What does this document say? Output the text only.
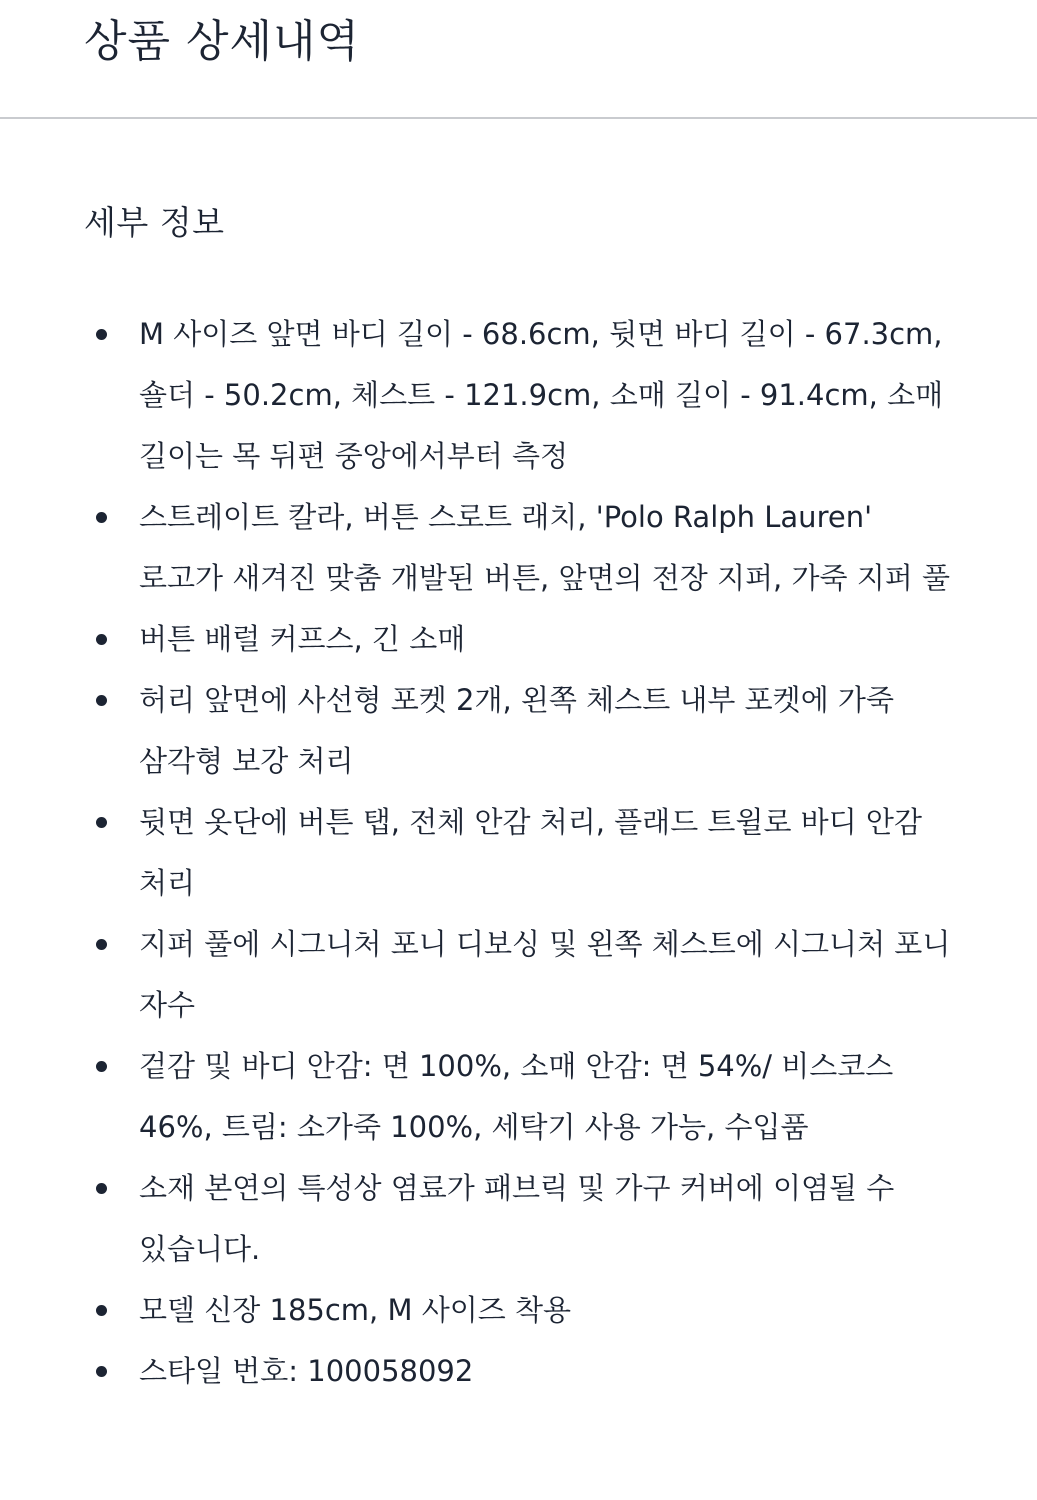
상품 상세내역
세부 정보
M 사이즈 앞면 바디 길이 - 68.6cm, 뒷면 바디 길이 - 67.3cm, 숄더 - 50.2cm, 체스트 - 121.9cm, 소매 길이 - 91.4cm, 소매 길이는 목 뒤편 중앙에서부터 측정
스트레이트 칼라, 버튼 스로트 래치, 'Polo Ralph Lauren' 로고가 새겨진 맞춤 개발된 버튼, 앞면의 전장 지퍼, 가죽 지퍼 풀
버튼 배럴 커프스, 긴 소매
허리 앞면에 사선형 포켓 2개, 왼쪽 체스트 내부 포켓에 가죽 삼각형 보강 처리
뒷면 옷단에 버튼 탭, 전체 안감 처리, 플래드 트윌로 바디 안감 처리
지퍼 풀에 시그니처 포니 디보싱 및 왼쪽 체스트에 시그니처 포니 자수
겉감 및 바디 안감: 면 100%, 소매 안감: 면 54%/ 비스코스 46%, 트림: 소가죽 100%, 세탁기 사용 가능, 수입품
소재 본연의 특성상 염료가 패브릭 및 가구 커버에 이염될 수 있습니다.
모델 신장 185cm, M 사이즈 착용
스타일 번호: 100058092
